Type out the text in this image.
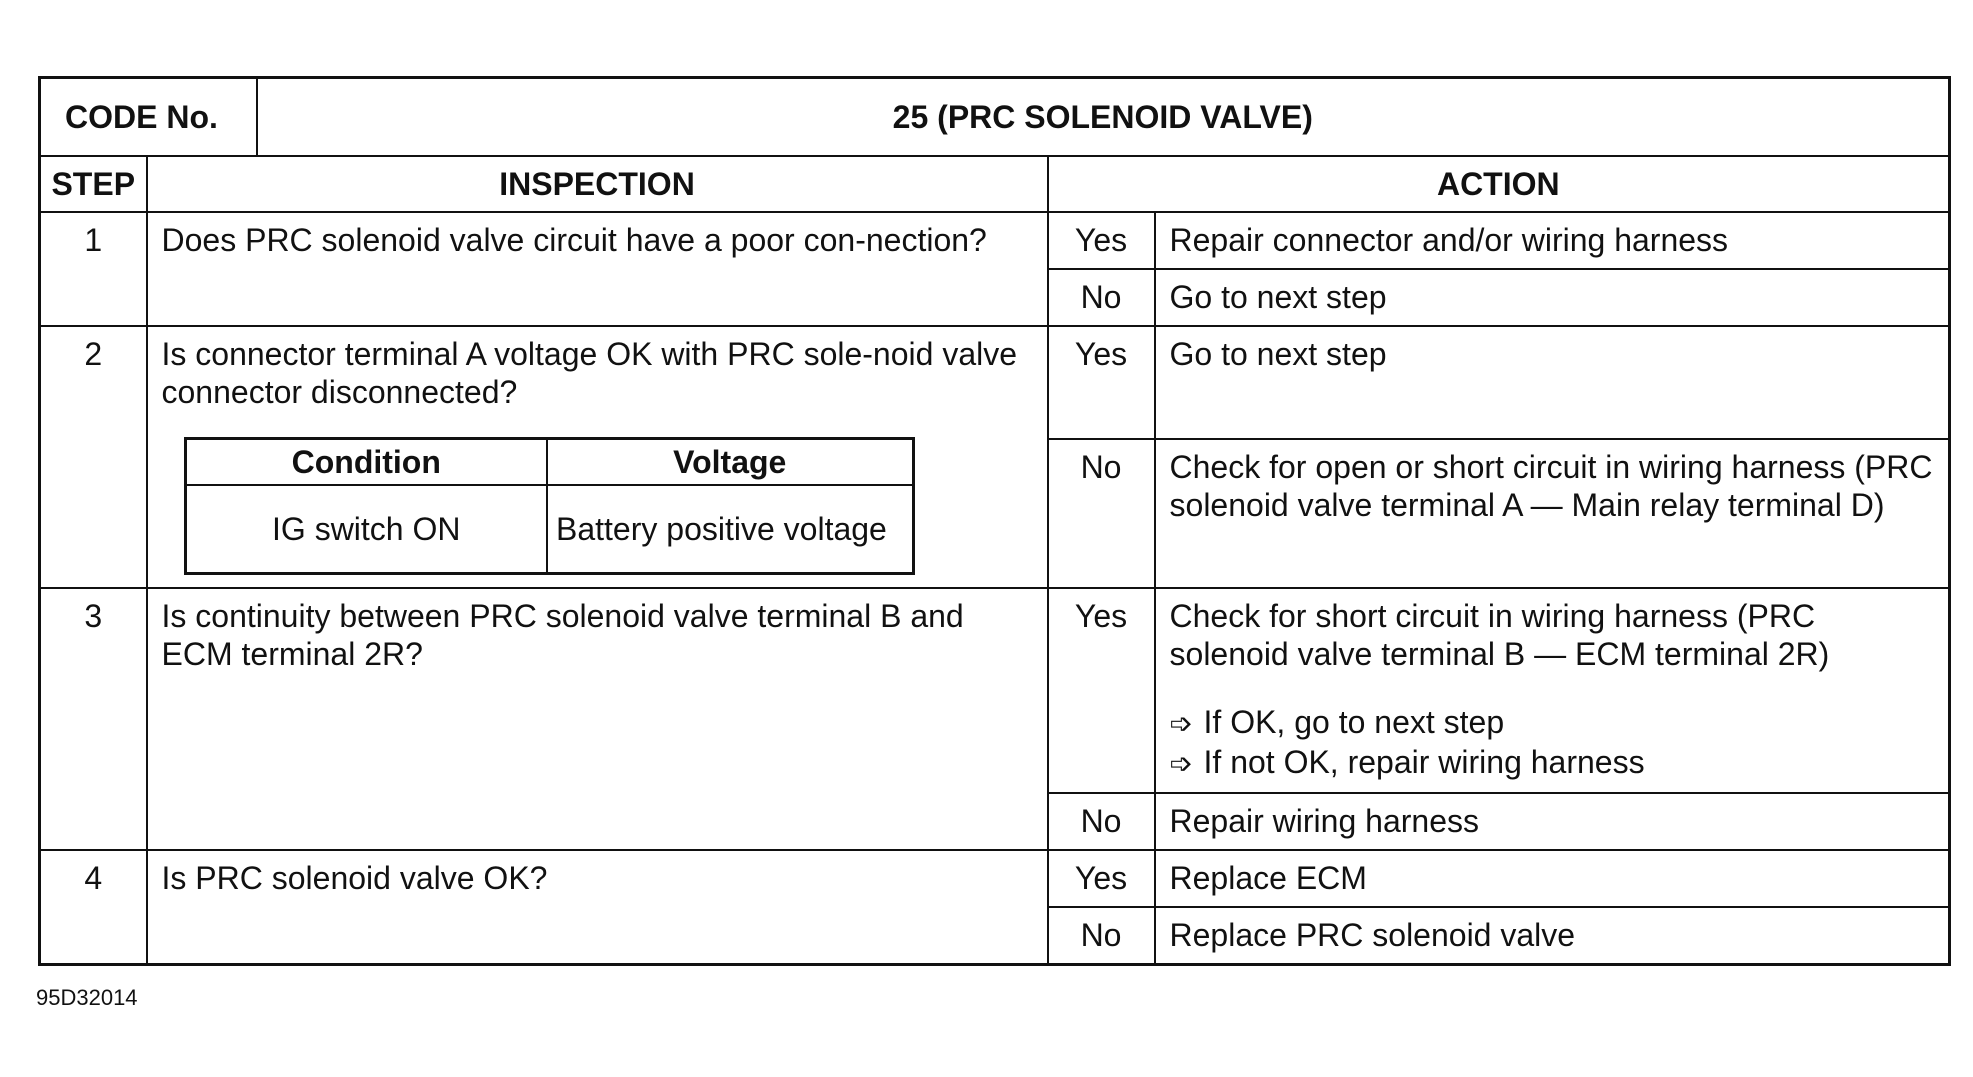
CODE No.	25 (PRC SOLENOID VALVE)
STEP	INSPECTION	ACTION
1	Does PRC solenoid valve circuit have a poor con-nection?	Yes	Repair connector and/or wiring harness
No	Go to next step
2	Is connector terminal A voltage OK with PRC sole-noid valve connector disconnected?
Condition	Voltage
IG switch ON	Battery positive voltage
	Yes	Go to next step
No	Check for open or short circuit in wiring harness (PRC solenoid valve terminal A — Main relay terminal D)
3	Is continuity between PRC solenoid valve terminal B and ECM terminal 2R?	Yes	Check for short circuit in wiring harness (PRC solenoid valve terminal B — ECM terminal 2R)
➩ If OK, go to next step
➩ If not OK, repair wiring harness

No	Repair wiring harness
4	Is PRC solenoid valve OK?	Yes	Replace ECM
No	Replace PRC solenoid valve
95D32014
